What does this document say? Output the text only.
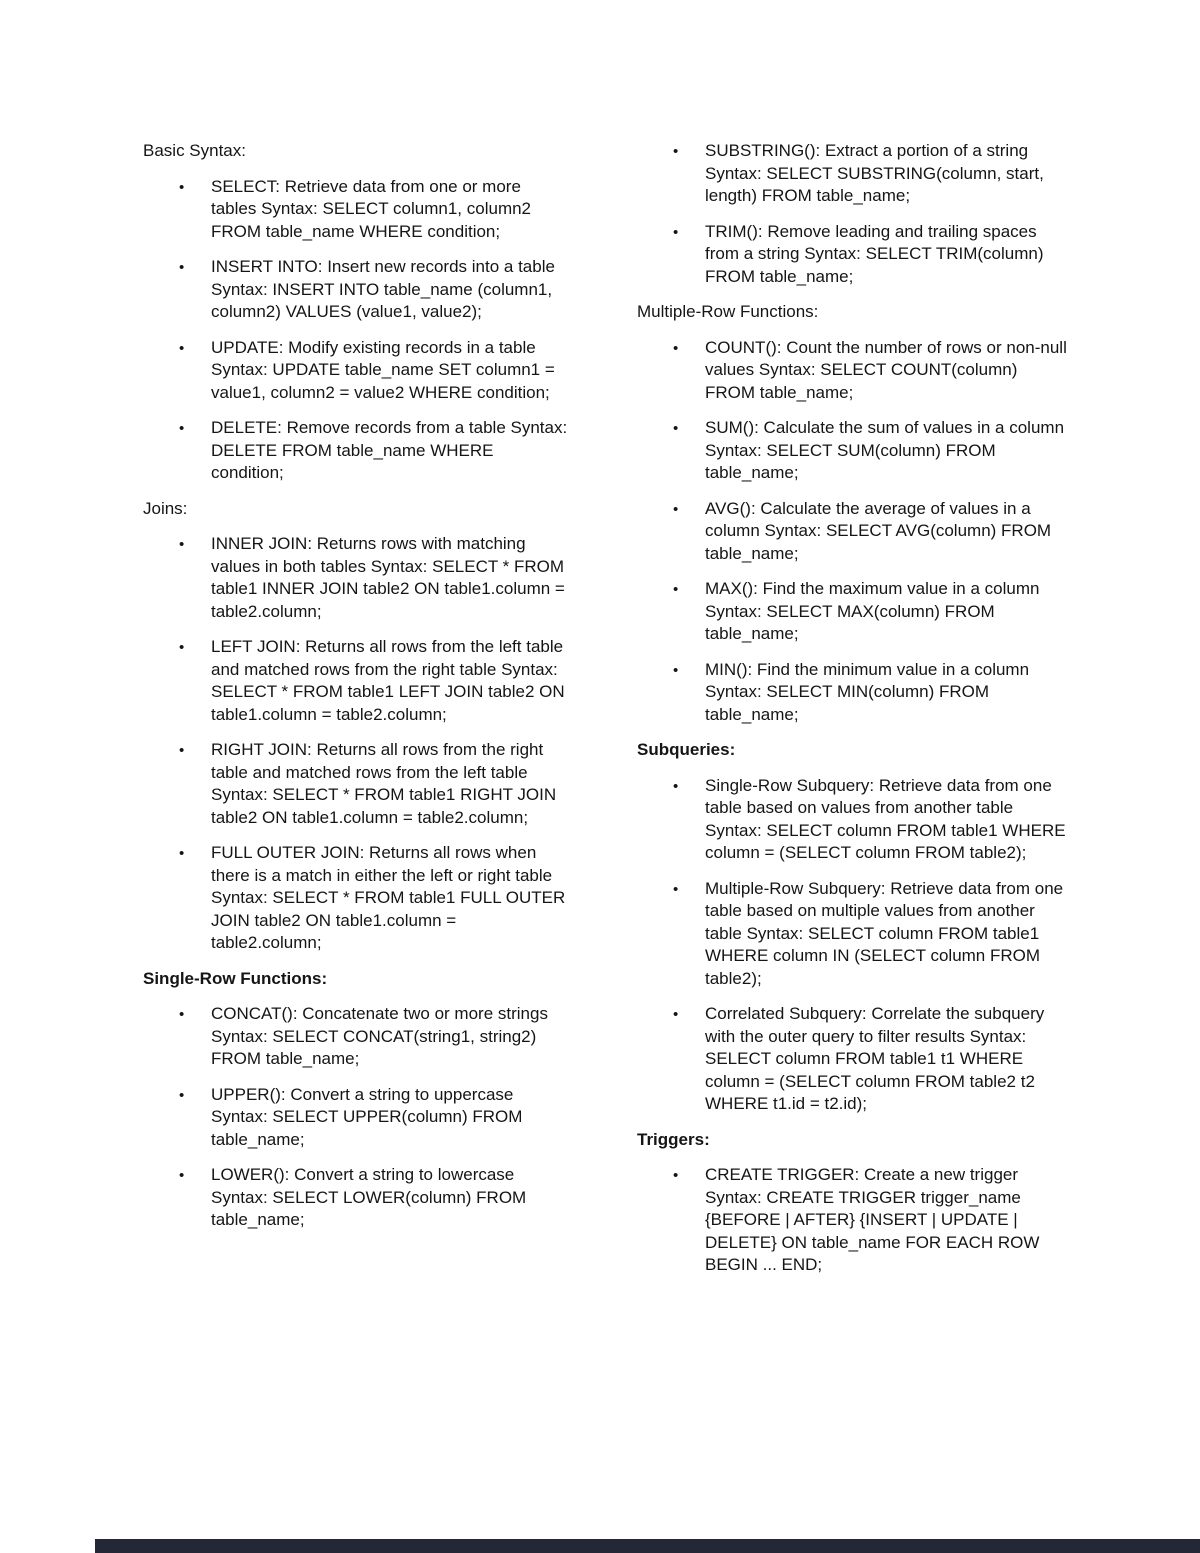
Basic Syntax:

• SELECT: Retrieve data from one or more tables Syntax: SELECT column1, column2 FROM table_name WHERE condition;
• INSERT INTO: Insert new records into a table Syntax: INSERT INTO table_name (column1, column2) VALUES (value1, value2);
• UPDATE: Modify existing records in a table Syntax: UPDATE table_name SET column1 = value1, column2 = value2 WHERE condition;
• DELETE: Remove records from a table Syntax: DELETE FROM table_name WHERE condition;

Joins:

• INNER JOIN: Returns rows with matching values in both tables Syntax: SELECT * FROM table1 INNER JOIN table2 ON table1.column = table2.column;
• LEFT JOIN: Returns all rows from the left table and matched rows from the right table Syntax: SELECT * FROM table1 LEFT JOIN table2 ON table1.column = table2.column;
• RIGHT JOIN: Returns all rows from the right table and matched rows from the left table Syntax: SELECT * FROM table1 RIGHT JOIN table2 ON table1.column = table2.column;
• FULL OUTER JOIN: Returns all rows when there is a match in either the left or right table Syntax: SELECT * FROM table1 FULL OUTER JOIN table2 ON table1.column = table2.column;

Single-Row Functions:

• CONCAT(): Concatenate two or more strings Syntax: SELECT CONCAT(string1, string2) FROM table_name;
• UPPER(): Convert a string to uppercase Syntax: SELECT UPPER(column) FROM table_name;
• LOWER(): Convert a string to lowercase Syntax: SELECT LOWER(column) FROM table_name;
• SUBSTRING(): Extract a portion of a string Syntax: SELECT SUBSTRING(column, start, length) FROM table_name;
• TRIM(): Remove leading and trailing spaces from a string Syntax: SELECT TRIM(column) FROM table_name;

Multiple-Row Functions:

• COUNT(): Count the number of rows or non-null values Syntax: SELECT COUNT(column) FROM table_name;
• SUM(): Calculate the sum of values in a column Syntax: SELECT SUM(column) FROM table_name;
• AVG(): Calculate the average of values in a column Syntax: SELECT AVG(column) FROM table_name;
• MAX(): Find the maximum value in a column Syntax: SELECT MAX(column) FROM table_name;
• MIN(): Find the minimum value in a column Syntax: SELECT MIN(column) FROM table_name;

Subqueries:

• Single-Row Subquery: Retrieve data from one table based on values from another table Syntax: SELECT column FROM table1 WHERE column = (SELECT column FROM table2);
• Multiple-Row Subquery: Retrieve data from one table based on multiple values from another table Syntax: SELECT column FROM table1 WHERE column IN (SELECT column FROM table2);
• Correlated Subquery: Correlate the subquery with the outer query to filter results Syntax: SELECT column FROM table1 t1 WHERE column = (SELECT column FROM table2 t2 WHERE t1.id = t2.id);

Triggers:

• CREATE TRIGGER: Create a new trigger Syntax: CREATE TRIGGER trigger_name {BEFORE | AFTER} {INSERT | UPDATE | DELETE} ON table_name FOR EACH ROW BEGIN ... END;
